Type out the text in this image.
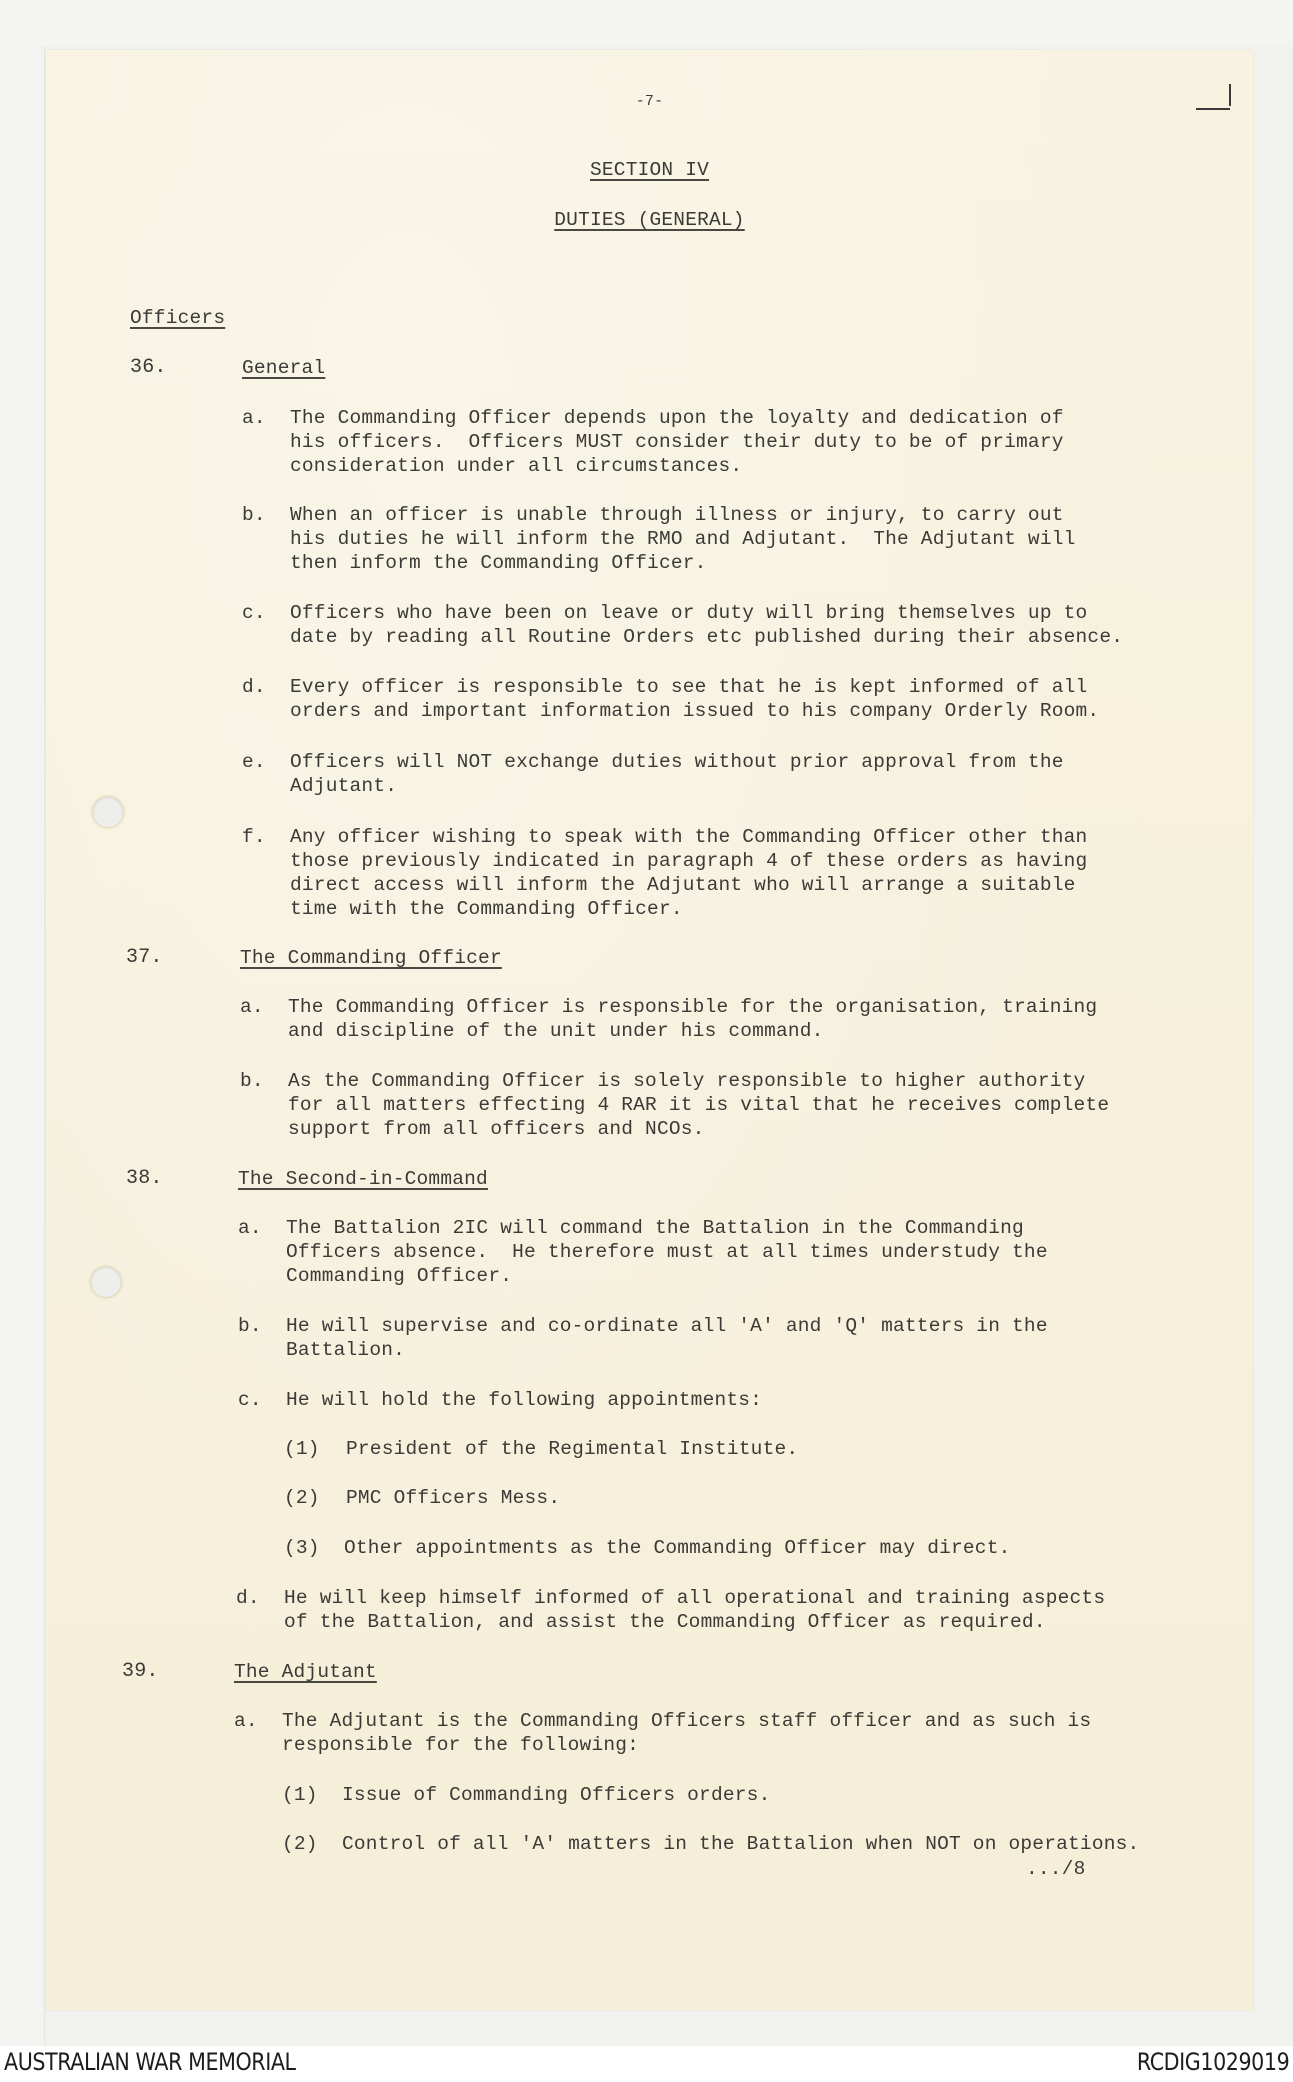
-7-
SECTION IV
DUTIES (GENERAL)
Officers
36.	General
a. The Commanding Officer depends upon the loyalty and dedication of
his officers.  Officers MUST consider their duty to be of primary
consideration under all circumstances.
b. When an officer is unable through illness or injury, to carry out
his duties he will inform the RMO and Adjutant.  The Adjutant will
then inform the Commanding Officer.
c. Officers who have been on leave or duty will bring themselves up to
date by reading all Routine Orders etc published during their absence.
d. Every officer is responsible to see that he is kept informed of all
orders and important information issued to his company Orderly Room.
e. Officers will NOT exchange duties without prior approval from the
Adjutant.
f. Any officer wishing to speak with the Commanding Officer other than
those previously indicated in paragraph 4 of these orders as having
direct access will inform the Adjutant who will arrange a suitable
time with the Commanding Officer.
37.	The Commanding Officer
a. The Commanding Officer is responsible for the organisation, training
and discipline of the unit under his command.
b. As the Commanding Officer is solely responsible to higher authority
for all matters effecting 4 RAR it is vital that he receives complete
support from all officers and NCOs.
38.	The Second-in-Command
a. The Battalion 2IC will command the Battalion in the Commanding
Officers absence.  He therefore must at all times understudy the
Commanding Officer.
b. He will supervise and co-ordinate all 'A' and 'Q' matters in the
Battalion.
c. He will hold the following appointments:
(1) President of the Regimental Institute.
(2) PMC Officers Mess.
(3) Other appointments as the Commanding Officer may direct.
d. He will keep himself informed of all operational and training aspects
of the Battalion, and assist the Commanding Officer as required.
39.	The Adjutant
a. The Adjutant is the Commanding Officers staff officer and as such is
responsible for the following:
(1) Issue of Commanding Officers orders.
(2) Control of all 'A' matters in the Battalion when NOT on operations.
.../8
AUSTRALIAN WAR MEMORIAL	RCDIG1029019
